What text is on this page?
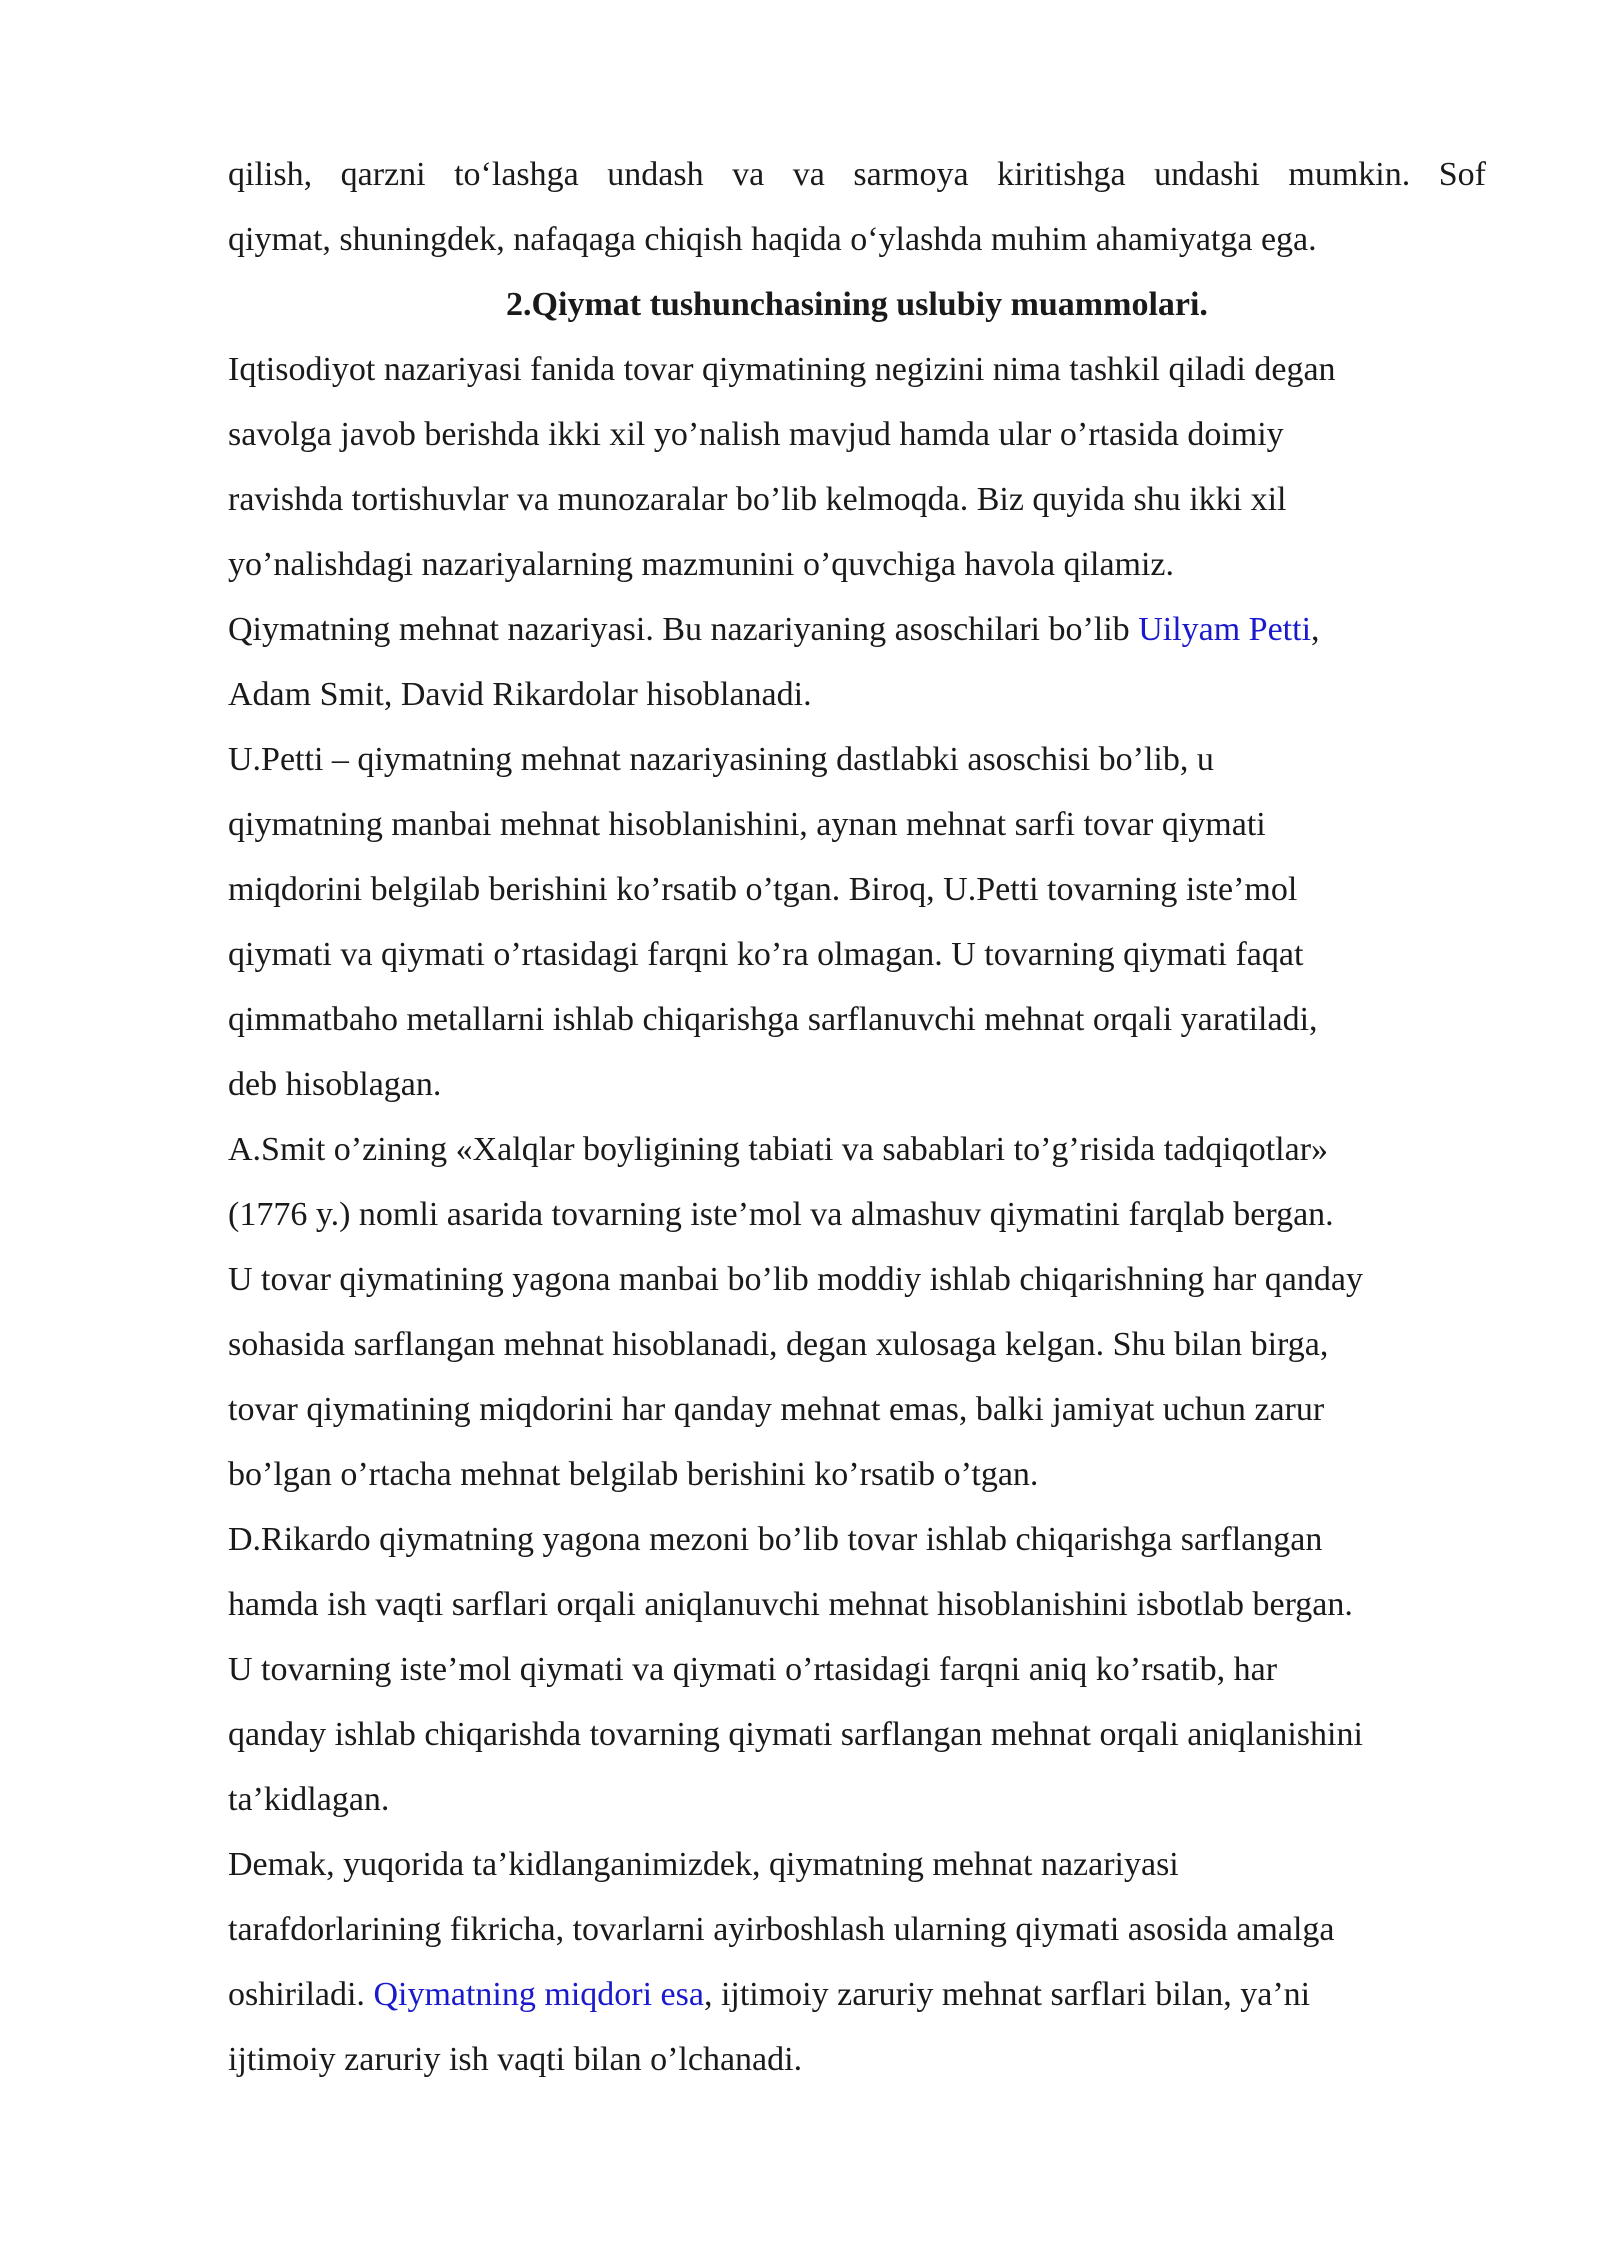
qilish, qarzni to‘lashga undash va va sarmoya kiritishga undashi mumkin. Sof
qiymat, shuningdek, nafaqaga chiqish haqida o‘ylashda muhim ahamiyatga ega.
2.Qiymat tushunchasining uslubiy muammolari.
Iqtisodiyot nazariyasi fanida tovar qiymatining negizini nima tashkil qiladi degan
savolga javob berishda ikki xil yo’nalish mavjud hamda ular o’rtasida doimiy
ravishda tortishuvlar va munozaralar bo’lib kelmoqda. Biz quyida shu ikki xil
yo’nalishdagi nazariyalarning mazmunini o’quvchiga havola qilamiz.
Qiymatning mehnat nazariyasi. Bu nazariyaning asoschilari bo’lib Uilyam Petti,
Adam Smit, David Rikardolar hisoblanadi.
U.Petti – qiymatning mehnat nazariyasining dastlabki asoschisi bo’lib, u
qiymatning manbai mehnat hisoblanishini, aynan mehnat sarfi tovar qiymati
miqdorini belgilab berishini ko’rsatib o’tgan. Biroq, U.Petti tovarning iste’mol
qiymati va qiymati o’rtasidagi farqni ko’ra olmagan. U tovarning qiymati faqat
qimmatbaho metallarni ishlab chiqarishga sarflanuvchi mehnat orqali yaratiladi,
deb hisoblagan.
A.Smit o’zining «Xalqlar boyligining tabiati va sabablari to’g’risida tadqiqotlar»
(1776 y.) nomli asarida tovarning iste’mol va almashuv qiymatini farqlab bergan.
U tovar qiymatining yagona manbai bo’lib moddiy ishlab chiqarishning har qanday
sohasida sarflangan mehnat hisoblanadi, degan xulosaga kelgan. Shu bilan birga,
tovar qiymatining miqdorini har qanday mehnat emas, balki jamiyat uchun zarur
bo’lgan o’rtacha mehnat belgilab berishini ko’rsatib o’tgan.
D.Rikardo qiymatning yagona mezoni bo’lib tovar ishlab chiqarishga sarflangan
hamda ish vaqti sarflari orqali aniqlanuvchi mehnat hisoblanishini isbotlab bergan.
U tovarning iste’mol qiymati va qiymati o’rtasidagi farqni aniq ko’rsatib, har
qanday ishlab chiqarishda tovarning qiymati sarflangan mehnat orqali aniqlanishini
ta’kidlagan.
Demak, yuqorida ta’kidlanganimizdek, qiymatning mehnat nazariyasi
tarafdorlarining fikricha, tovarlarni ayirboshlash ularning qiymati asosida amalga
oshiriladi. Qiymatning miqdori esa, ijtimoiy zaruriy mehnat sarflari bilan, ya’ni
ijtimoiy zaruriy ish vaqti bilan o’lchanadi.
